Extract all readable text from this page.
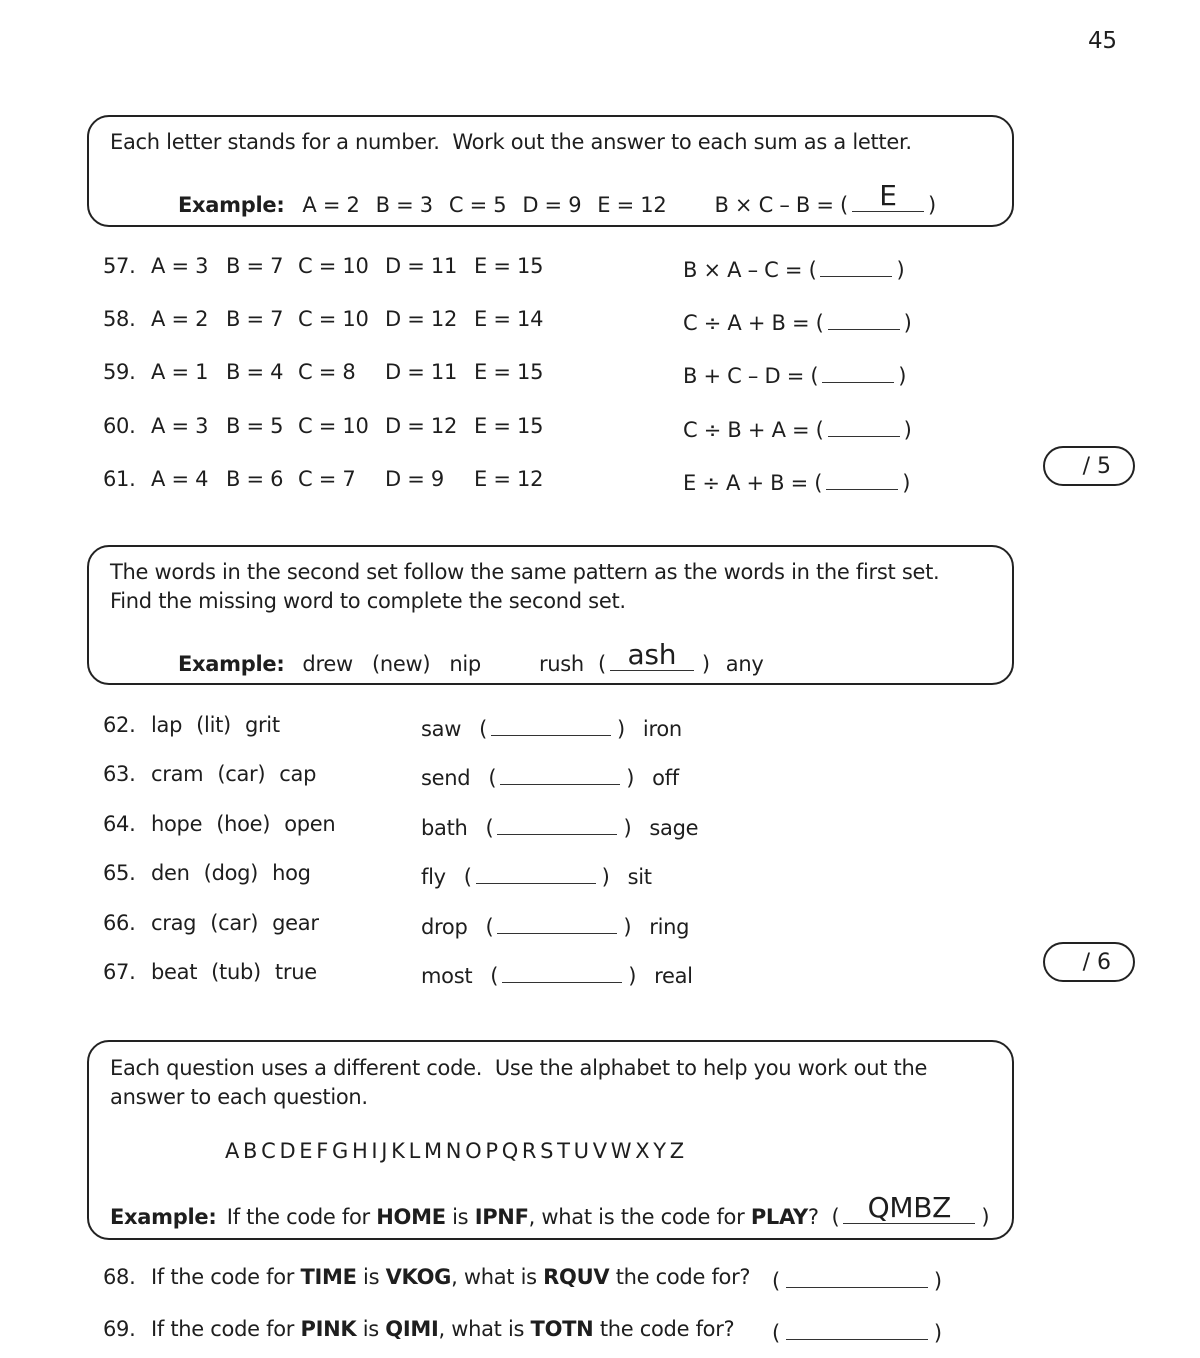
45
Each letter stands for a number.  Work out the answer to each sum as a letter.
Example: A = 2 B = 3 C = 5 D = 9 E = 12 B × C – B = (	E	)
57. A = 3 B = 7 C = 10 D = 11 E = 15	B × A – C = (	)
58. A = 2 B = 7 C = 10 D = 12 E = 14	C ÷ A + B = (	)
59. A = 1 B = 4 C = 8	D = 11 E = 15	B + C – D = (	)
60. A = 3 B = 5 C = 10 D = 12 E = 15	C ÷ B + A = (	)
61. A = 4 B = 6 C = 7	D = 9	E = 12	E ÷ A + B = (	)
/ 5
The words in the second set follow the same pattern as the words in the first set.
Find the missing word to complete the second set.
Example: drew   (new)   nip	rush ( ash	) any
62. lap (lit) grit	saw (	) iron
63. cram (car) cap	send (	) off
64. hope (hoe) open	bath (	) sage
65. den (dog) hog	fly (	) sit
66. crag (car) gear	drop (	) ring
67. beat (tub) true	most (	) real
/ 6
Each question uses a different code.  Use the alphabet to help you work out the
answer to each question.
A B C D E F G H I J K L M N O P Q R S T U V W X Y Z
Example: If the code for HOME is IPNF , what is the code for PLAY ?  (	QMBZ	)
68. If the code for TIME is VKOG , what is RQUV the code for? (	)
69. If the code for PINK is QIMI , what is TOTN the code for? (	)
